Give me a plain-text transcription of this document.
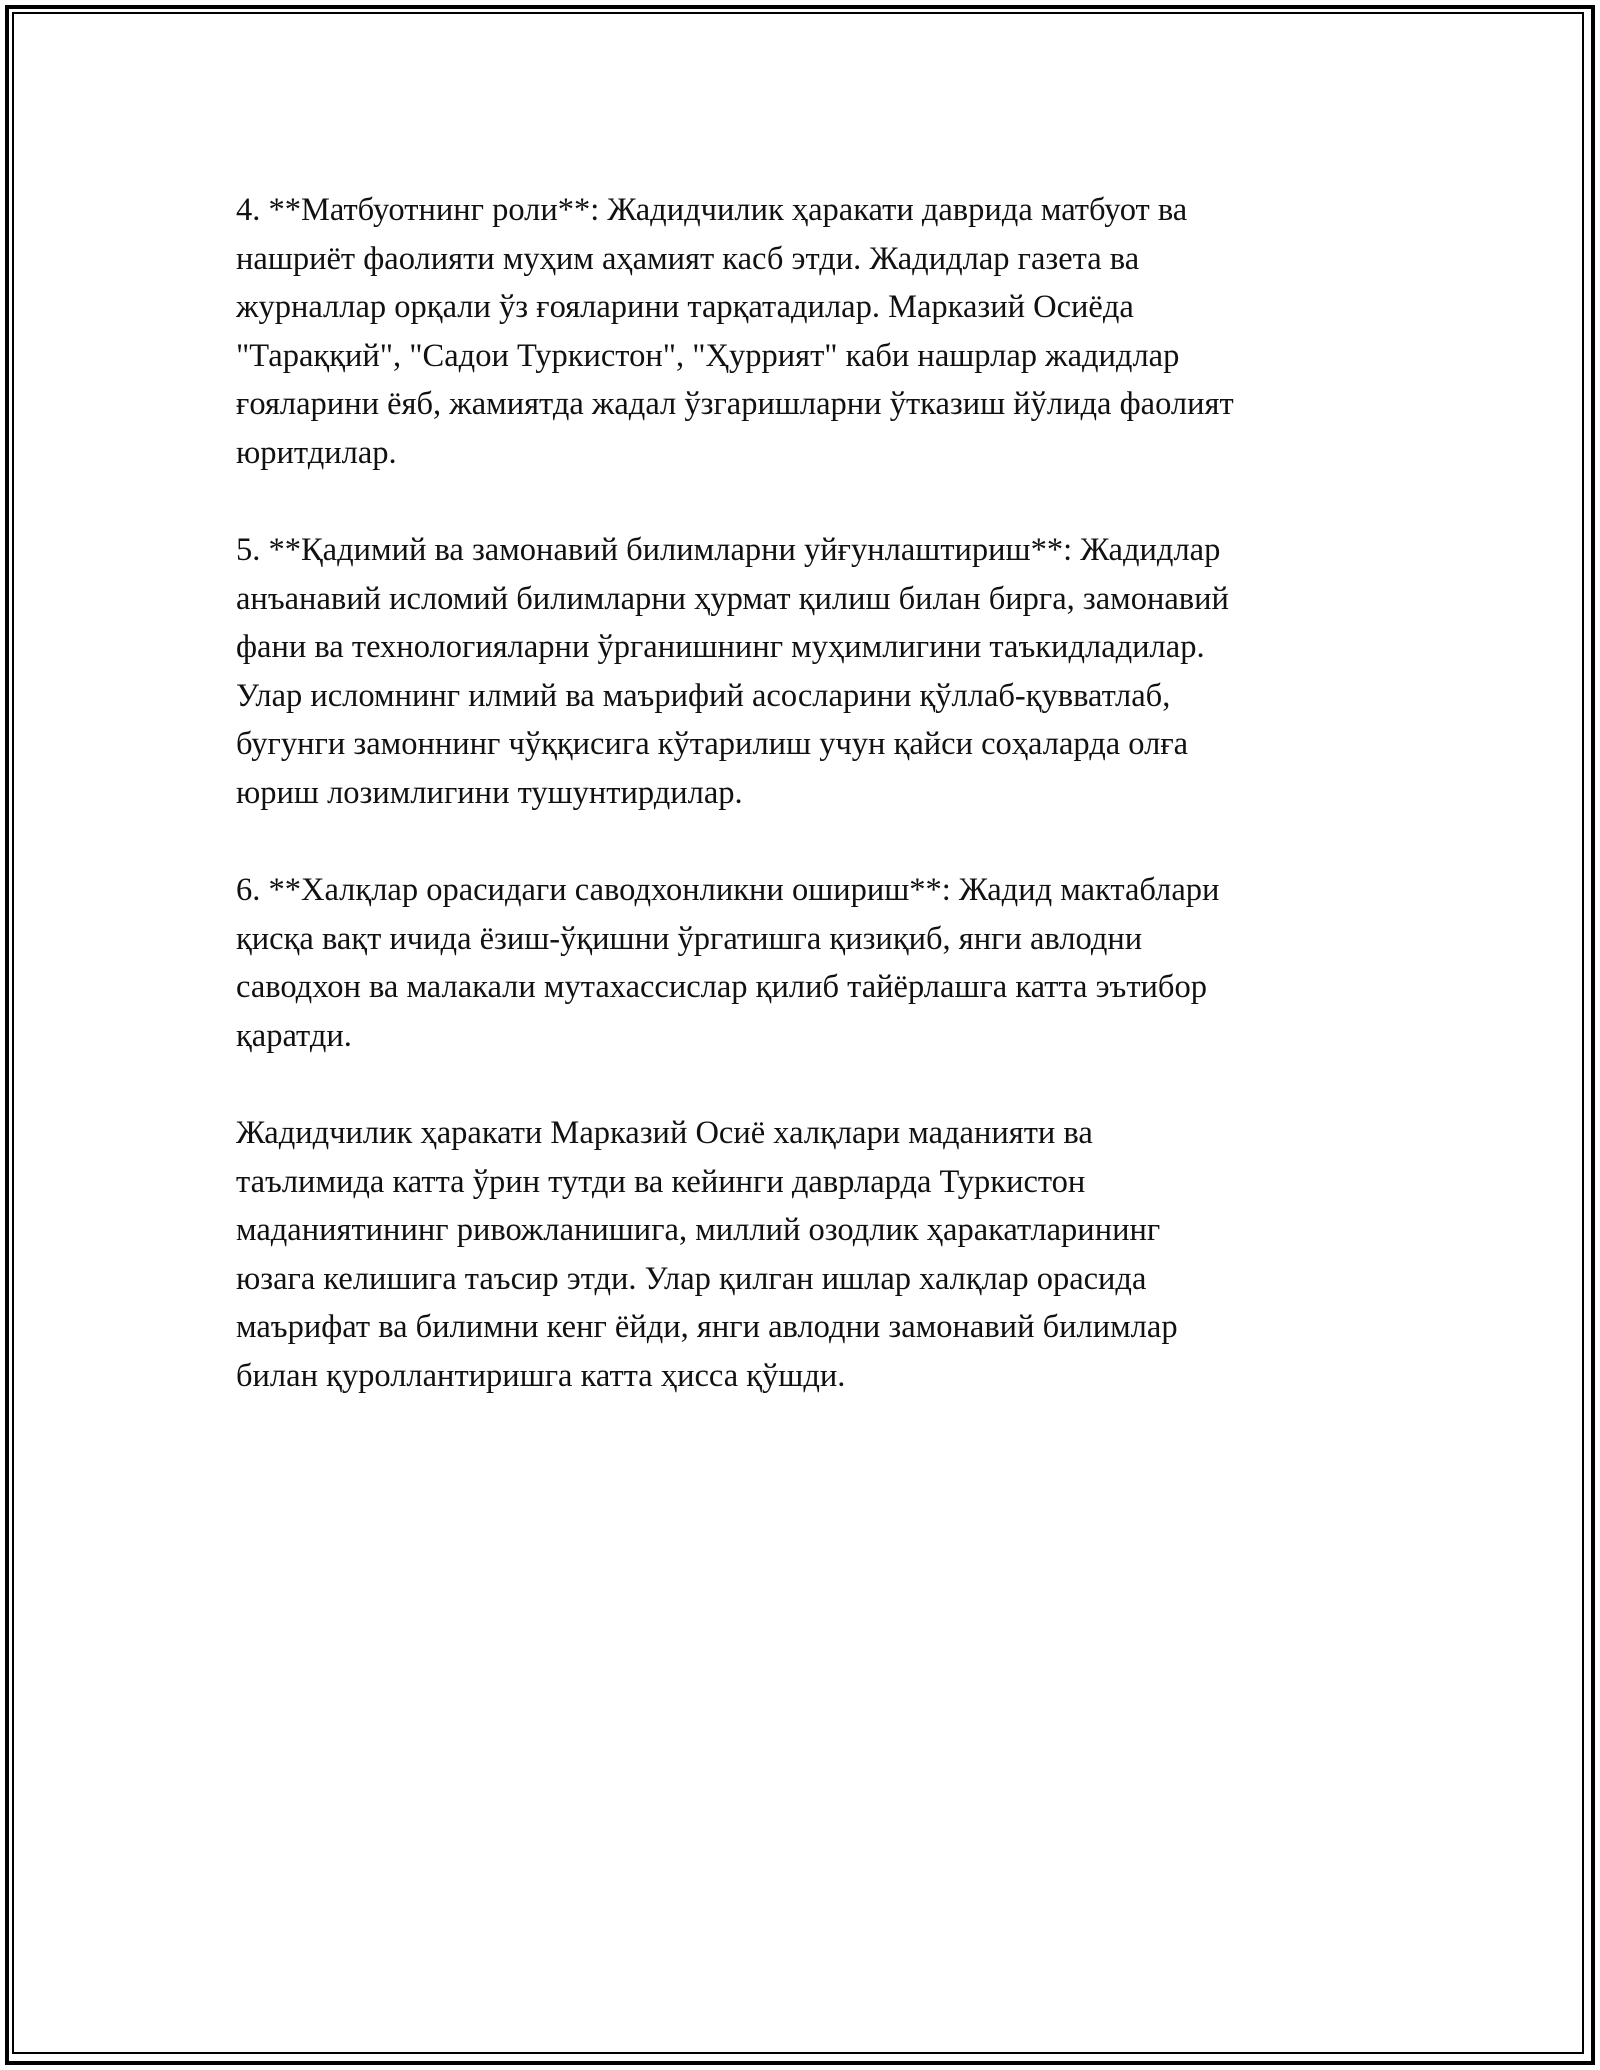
4. **Матбуотнинг роли**: Жадидчилик ҳаракати даврида матбуот ва
нашриёт фаолияти муҳим аҳамият касб этди. Жадидлар газета ва
журналлар орқали ўз ғояларини тарқатадилар. Марказий Осиёда
"Тараққий", "Садои Туркистон", "Ҳуррият" каби нашрлар жадидлар
ғояларини ёяб, жамиятда жадал ўзгаришларни ўтказиш йўлида фаолият
юритдилар.

5. **Қадимий ва замонавий билимларни уйғунлаштириш**: Жадидлар
анъанавий исломий билимларни ҳурмат қилиш билан бирга, замонавий
фани ва технологияларни ўрганишнинг муҳимлигини таъкидладилар.
Улар исломнинг илмий ва маърифий асосларини қўллаб-қувватлаб,
бугунги замоннинг чўққисига кўтарилиш учун қайси соҳаларда олға
юриш лозимлигини тушунтирдилар.

6. **Халқлар орасидаги саводхонликни ошириш**: Жадид мактаблари
қисқа вақт ичида ёзиш-ўқишни ўргатишга қизиқиб, янги авлодни
саводхон ва малакали мутахассислар қилиб тайёрлашга катта эътибор
қаратди.

Жадидчилик ҳаракати Марказий Осиё халқлари маданияти ва
таълимида катта ўрин тутди ва кейинги даврларда Туркистон
маданиятининг ривожланишига, миллий озодлик ҳаракатларининг
юзага келишига таъсир этди. Улар қилган ишлар халқлар орасида
маърифат ва билимни кенг ёйди, янги авлодни замонавий билимлар
билан қуроллантиришга катта ҳисса қўшди.
